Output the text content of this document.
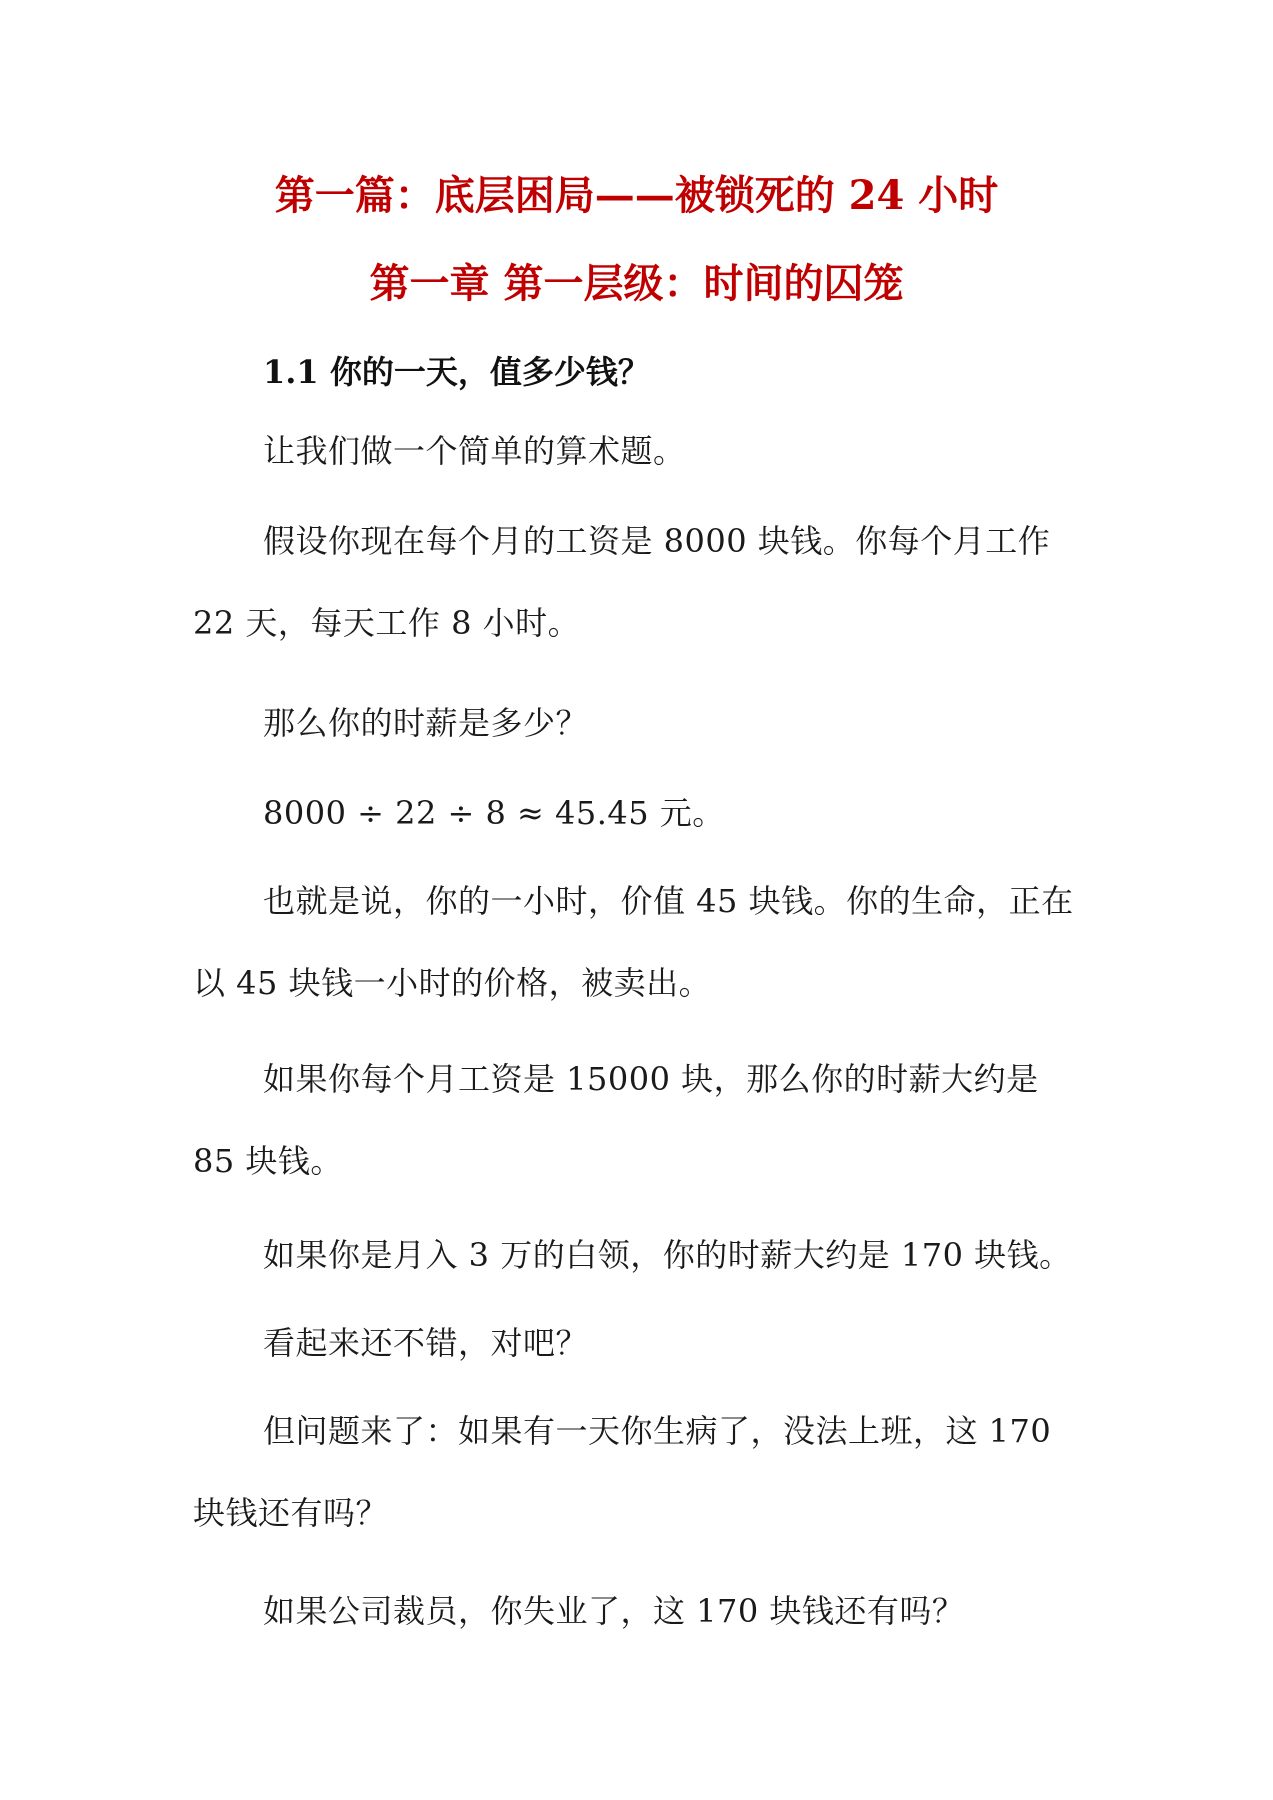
第一篇：底层困局——被锁死的 24 小时
第一章 第一层级：时间的囚笼
1.1 你的一天，值多少钱？

让我们做一个简单的算术题。

假设你现在每个月的工资是 8000 块钱。你每个月工作 22 天，每天工作 8 小时。

那么你的时薪是多少？

8000 ÷ 22 ÷ 8 ≈ 45.45 元。

也就是说，你的一小时，价值 45 块钱。你的生命，正在以 45 块钱一小时的价格，被卖出。

如果你每个月工资是 15000 块，那么你的时薪大约是 85 块钱。

如果你是月入 3 万的白领，你的时薪大约是 170 块钱。

看起来还不错，对吧？

但问题来了：如果有一天你生病了，没法上班，这 170 块钱还有吗？

如果公司裁员，你失业了，这 170 块钱还有吗？
